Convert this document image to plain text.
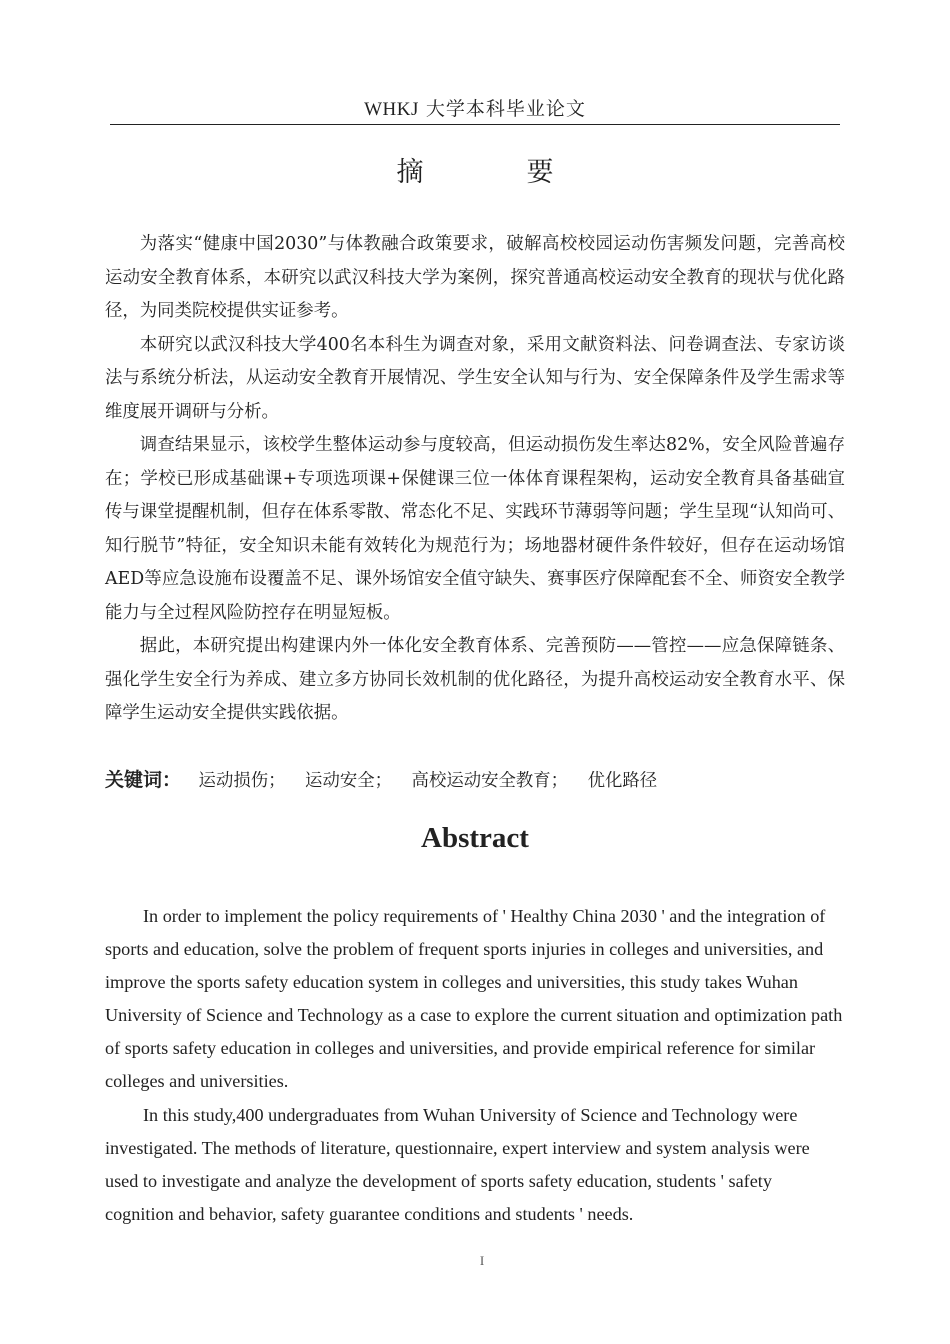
WHKJ 大学本科毕业论文
摘　要

为落实“健康中国2030”与体教融合政策要求，破解高校校园运动伤害频发问题，完善高校运动安全教育体系，本研究以武汉科技大学为案例，探究普通高校运动安全教育的现状与优化路径，为同类院校提供实证参考。

本研究以武汉科技大学400名本科生为调查对象，采用文献资料法、问卷调查法、专家访谈法与系统分析法，从运动安全教育开展情况、学生安全认知与行为、安全保障条件及学生需求等维度展开调研与分析。

调查结果显示，该校学生整体运动参与度较高，但运动损伤发生率达82%，安全风险普遍存在；学校已形成基础课+专项选项课+保健课三位一体体育课程架构，运动安全教育具备基础宣传与课堂提醒机制，但存在体系零散、常态化不足、实践环节薄弱等问题；学生呈现“认知尚可、知行脱节”特征，安全知识未能有效转化为规范行为；场地器材硬件条件较好，但存在运动场馆AED等应急设施布设覆盖不足、课外场馆安全值守缺失、赛事医疗保障配套不全、师资安全教学能力与全过程风险防控存在明显短板。

据此，本研究提出构建课内外一体化安全教育体系、完善预防——管控——应急保障链条、强化学生安全行为养成、建立多方协同长效机制的优化路径，为提升高校运动安全教育水平、保障学生运动安全提供实践依据。

关键词： 运动损伤； 运动安全； 高校运动安全教育； 优化路径
Abstract

In order to implement the policy requirements of ' Healthy China 2030 ' and the integration of sports and education, solve the problem of frequent sports injuries in colleges and universities, and improve the sports safety education system in colleges and universities, this study takes Wuhan University of Science and Technology as a case to explore the current situation and optimization path of sports safety education in colleges and universities, and provide empirical reference for similar colleges and universities.

In this study,400 undergraduates from Wuhan University of Science and Technology were investigated. The methods of literature, questionnaire, expert interview and system analysis were used to investigate and analyze the development of sports safety education, students ' safety cognition and behavior, safety guarantee conditions and students ' needs.

I
